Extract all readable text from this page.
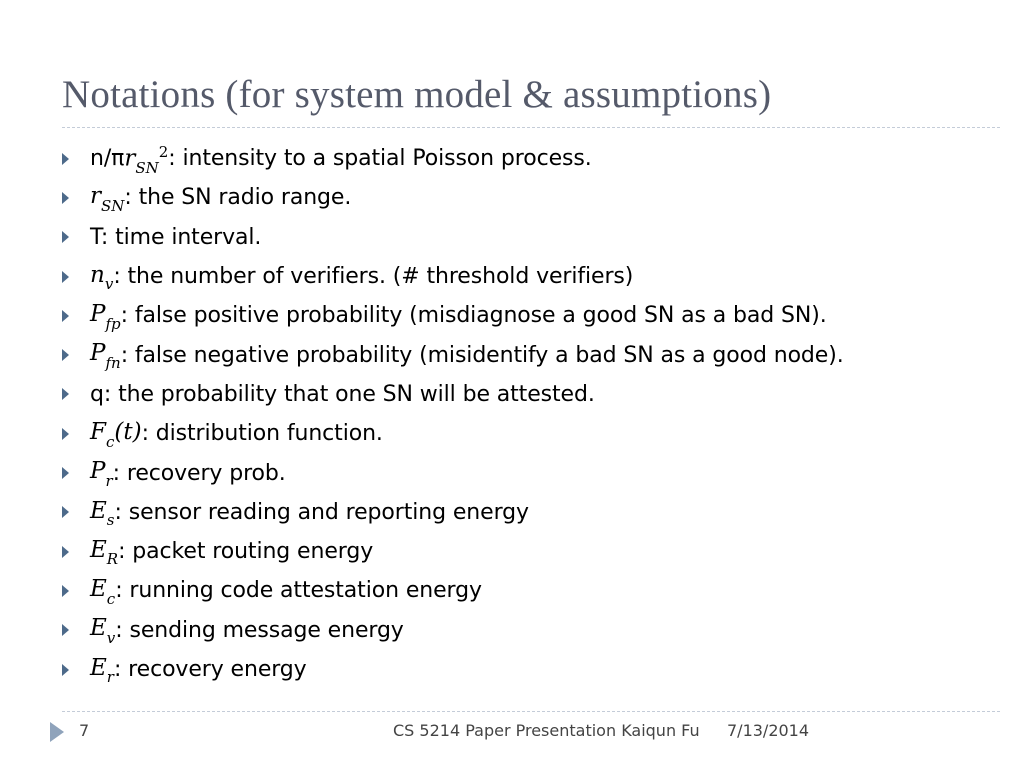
Notations (for system model & assumptions)
n/π $r_{SN}^2$ : intensity to a spatial Poisson process.
$r_{SN}$ : the SN radio range.
T: time interval.
$n_v$ : the number of verifiers. (# threshold verifiers)
$P_{fp}$ : false positive probability (misdiagnose a good SN as a bad SN).
$P_{fn}$ : false negative probability (misidentify a bad SN as a good node).
q: the probability that one SN will be attested.
$F_c(t)$ : distribution function.
$P_r$ : recovery prob.
$E_s$ : sensor reading and reporting energy
$E_R$ : packet routing energy
$E_c$ : running code attestation energy
$E_v$ : sending message energy
$E_r$ : recovery energy
7	CS 5214 Paper Presentation Kaiqun Fu 7/13/2014
